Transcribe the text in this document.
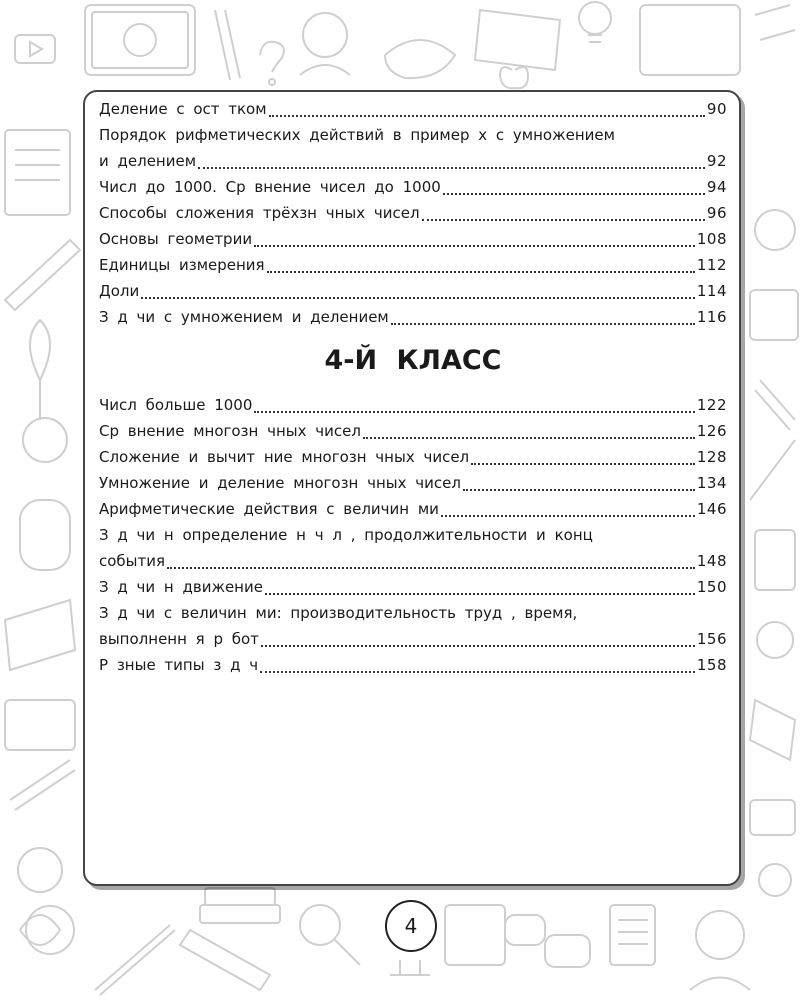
Деление с ост тком	90
Порядок рифметических действий в пример х с умножением
и делением	92
Числ до 1000. Ср внение чисел до 1000	94
Способы сложения трёхзн чных чисел	96
Основы геометрии	108
Единицы измерения	112
Доли	114
З д чи с умножением и делением	116
4-Й КЛАСС
Числ больше 1000	122
Ср внение многозн чных чисел	126
Сложение и вычит ние многозн чных чисел	128
Умножение и деление многозн чных чисел	134
Арифметические действия с величин ми	146
З д чи н определение н ч л , продолжительности и конц
события	148
З д чи н движение	150
З д чи с величин ми: производительность труд , время,
выполненн я р бот	156
Р зные типы з д ч	158
4
